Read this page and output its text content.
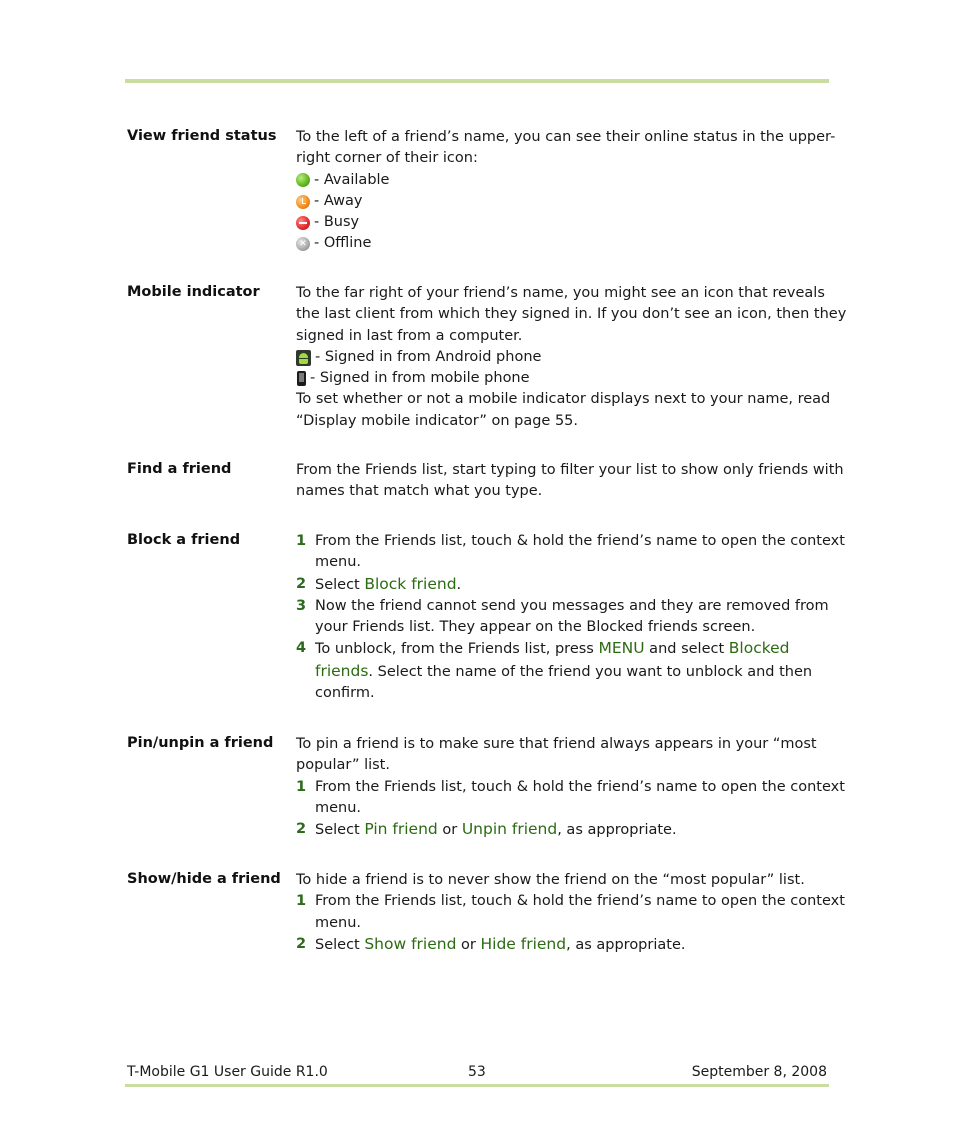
View friend status	To the left of a friend’s name, you can see their online status in the upper-
right corner of their icon:
- Available
- Away
- Busy
✕ - Offline
Mobile indicator	To the far right of your friend’s name, you might see an icon that reveals
the last client from which they signed in. If you don’t see an icon, then they
signed in last from a computer.
- Signed in from Android phone
- Signed in from mobile phone
To set whether or not a mobile indicator displays next to your name, read
“Display mobile indicator” on page 55.
Find a friend	From the Friends list, start typing to filter your list to show only friends with
names that match what you type.
Block a friend	1 From the Friends list, touch & hold the friend’s name to open the context
menu.
2 Select Block friend.
3 Now the friend cannot send you messages and they are removed from
your Friends list. They appear on the Blocked friends screen.
4 To unblock, from the Friends list, press MENU and select Blocked
friends. Select the name of the friend you want to unblock and then
confirm.
Pin/unpin a friend	To pin a friend is to make sure that friend always appears in your “most
popular” list.
1 From the Friends list, touch & hold the friend’s name to open the context
menu.
2 Select Pin friend or Unpin friend, as appropriate.
Show/hide a friend	To hide a friend is to never show the friend on the “most popular” list.
1 From the Friends list, touch & hold the friend’s name to open the context
menu.
2 Select Show friend or Hide friend, as appropriate.
T-Mobile G1 User Guide R1.0	53	September 8, 2008
